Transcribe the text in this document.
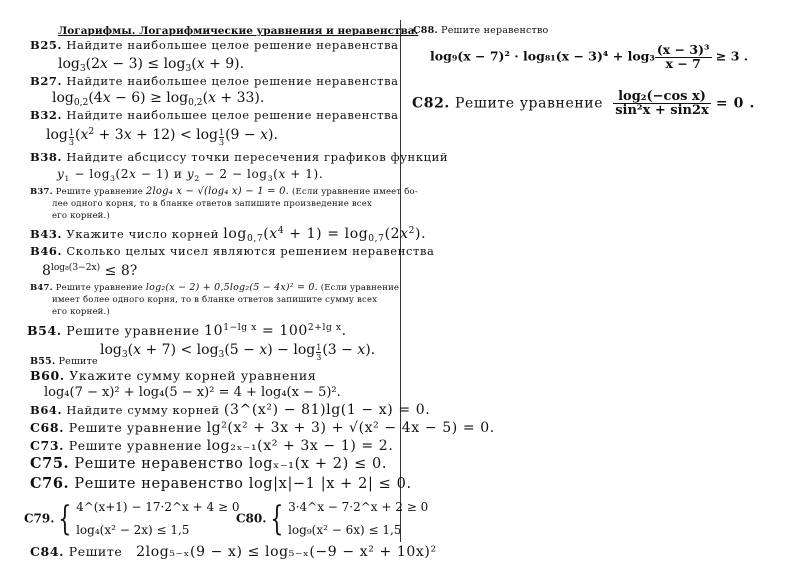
Логарифмы. Логарифмические уравнения и неравенства.
B25. Найдите наибольшее целое решение неравенства
$\log_3(2x - 3) \le \log_3(x + 9)$.
B27. Найдите наибольшее целое решение неравенства
$\log_{0,2}(4x - 6) \ge \log_{0,2}(x + 33)$.
B32. Найдите наибольшее целое решение неравенства
$\log \frac{1}{3} (x^2 + 3x + 12) < \log \frac{1}{3} (9 - x)$.
B38. Найдите абсциссу точки пересечения графиков функций
$y_1 - \log_3(2x - 1)$ и $y_2 - 2 - \log_3(x + 1)$.
B37. Решите уравнение 2log₄ x − √(log₄ x) − 1 = 0. (Если уравнение имеет бо-
лее одного корня, то в бланке ответов запишите произведение всех
его корней.)
B43. Укажите число корней $\log_{0,7}(x^4 + 1) = \log_{0,7}(2x^2)$.
B46. Сколько целых чисел являются решением неравенства
$8^{log_8(3-2x)} \le 8$?
B47. Решите уравнение log₂(x − 2) + 0,5log₂(5 − 4x)² = 0. (Если уравнение
имеет более одного корня, то в бланке ответов запишите сумму всех
его корней.)
B54. Решите уравнение $10^{1-lg x} = 100^{2+lg x}$.
$\log_3(x + 7) < \log_3(5 - x) - \log \frac{1}{3} (3 - x)$.
B55. Решите
B60. Укажите сумму корней уравнения
log₄(7 − x)² + log₄(5 − x)² = 4 + log₄(x − 5)².
B64. Найдите сумму корней (3^(x²) − 81)lg(1 − x) = 0.
C68. Решите уравнение lg²(x² + 3x + 3) + √(x² − 4x − 5) = 0.
C73. Решите уравнение log₂ₓ₋₁(x² + 3x − 1) = 2.
C75. Решите неравенство logₓ₋₁(x + 2) ≤ 0.
C76. Решите неравенство log|x|−1 |x + 2| ≤ 0.
C79. { 4^(x+1) − 17·2^x + 4 ≥ 0
log₄(x² − 2x) ≤ 1,5
C80. { 3·4^x − 7·2^x + 2 ≥ 0
log₉(x² − 6x) ≤ 1,5
C84. Решите 2log₅₋ₓ(9 − x) ≤ log₅₋ₓ(−9 − x² + 10x)²
C88. Решите неравенство
$\log_9(x - 7)^2 \cdot \log_{81}(x - 3)^4 + \log_3 \frac{\text{(x − 3)³}}{x - 7} \ge 3$ .
C82. Решите уравнение $\frac{\text{log₂(−cos x)}}{\text{sin²x + sin2x}} = 0$ .
